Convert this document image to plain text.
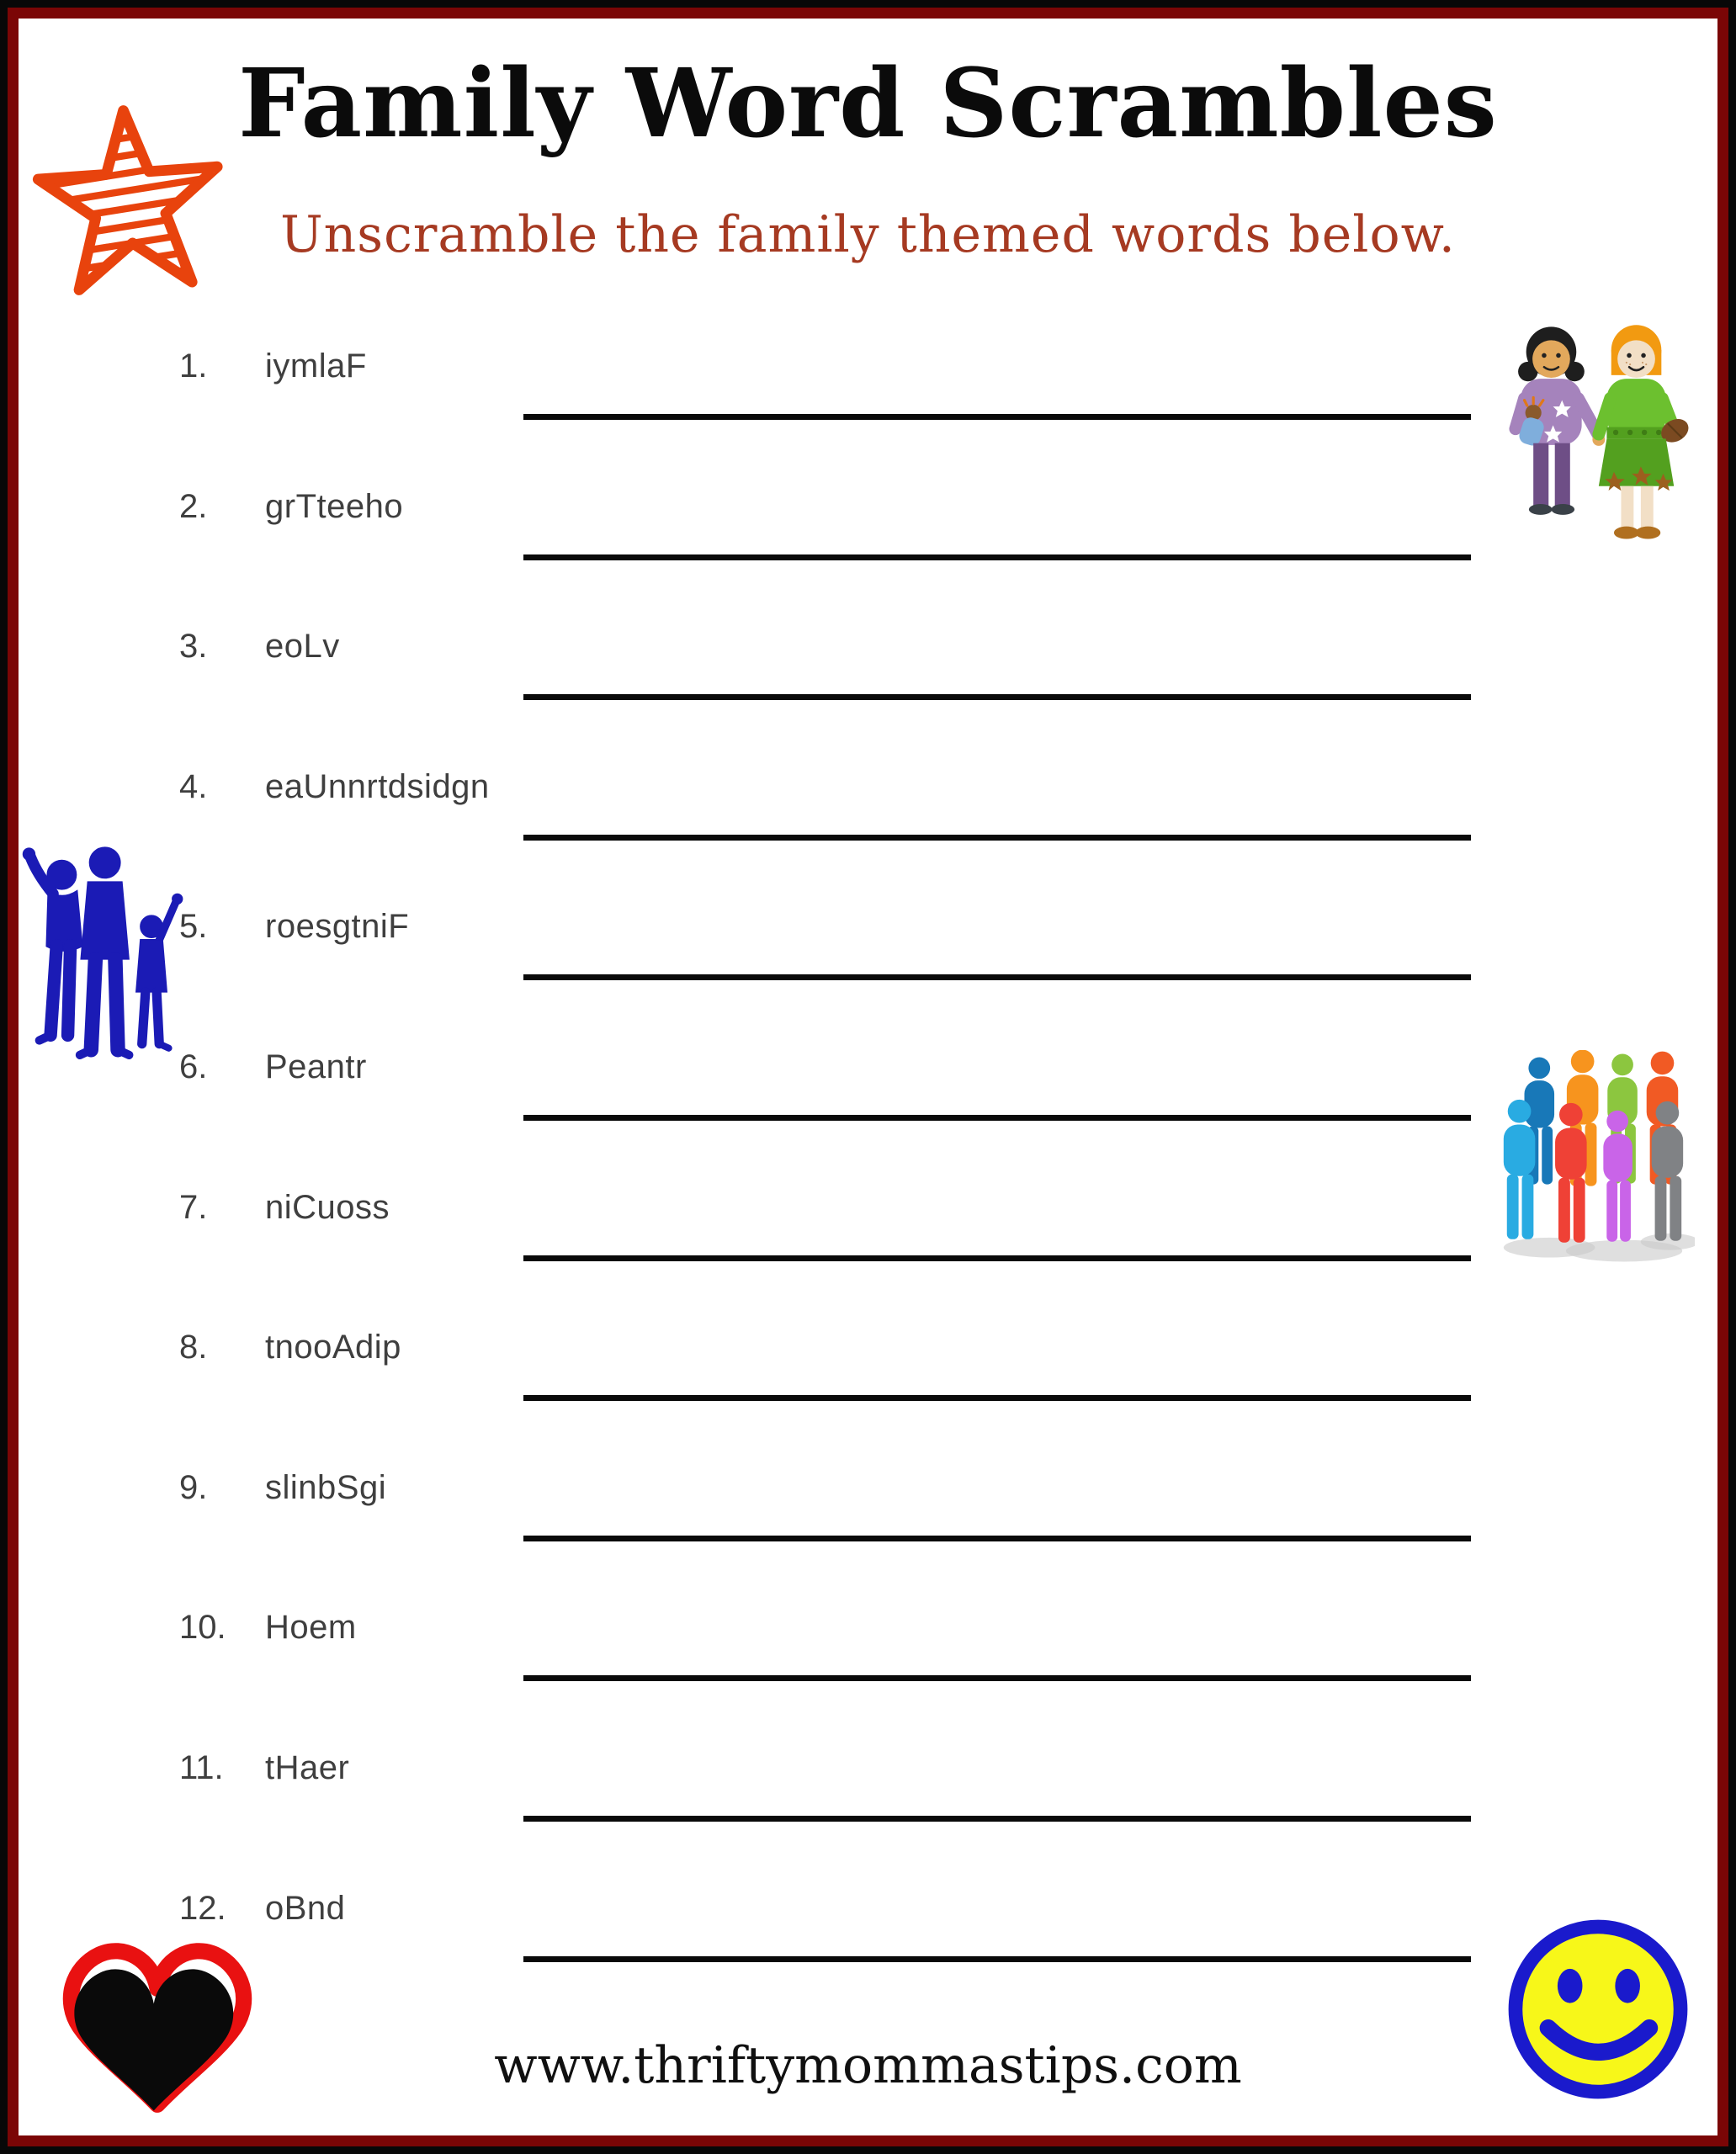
Family Word Scrambles
Unscramble the family themed words below.
1. iymlaF
2. grTteeho
3. eoLv
4. eaUnnrtdsidgn
5. roesgtniF
6. Peantr
7. niCuoss
8. tnooAdip
9. slinbSgi
10. Hoem
11. tHaer
12. oBnd
www.thriftymommastips.com
